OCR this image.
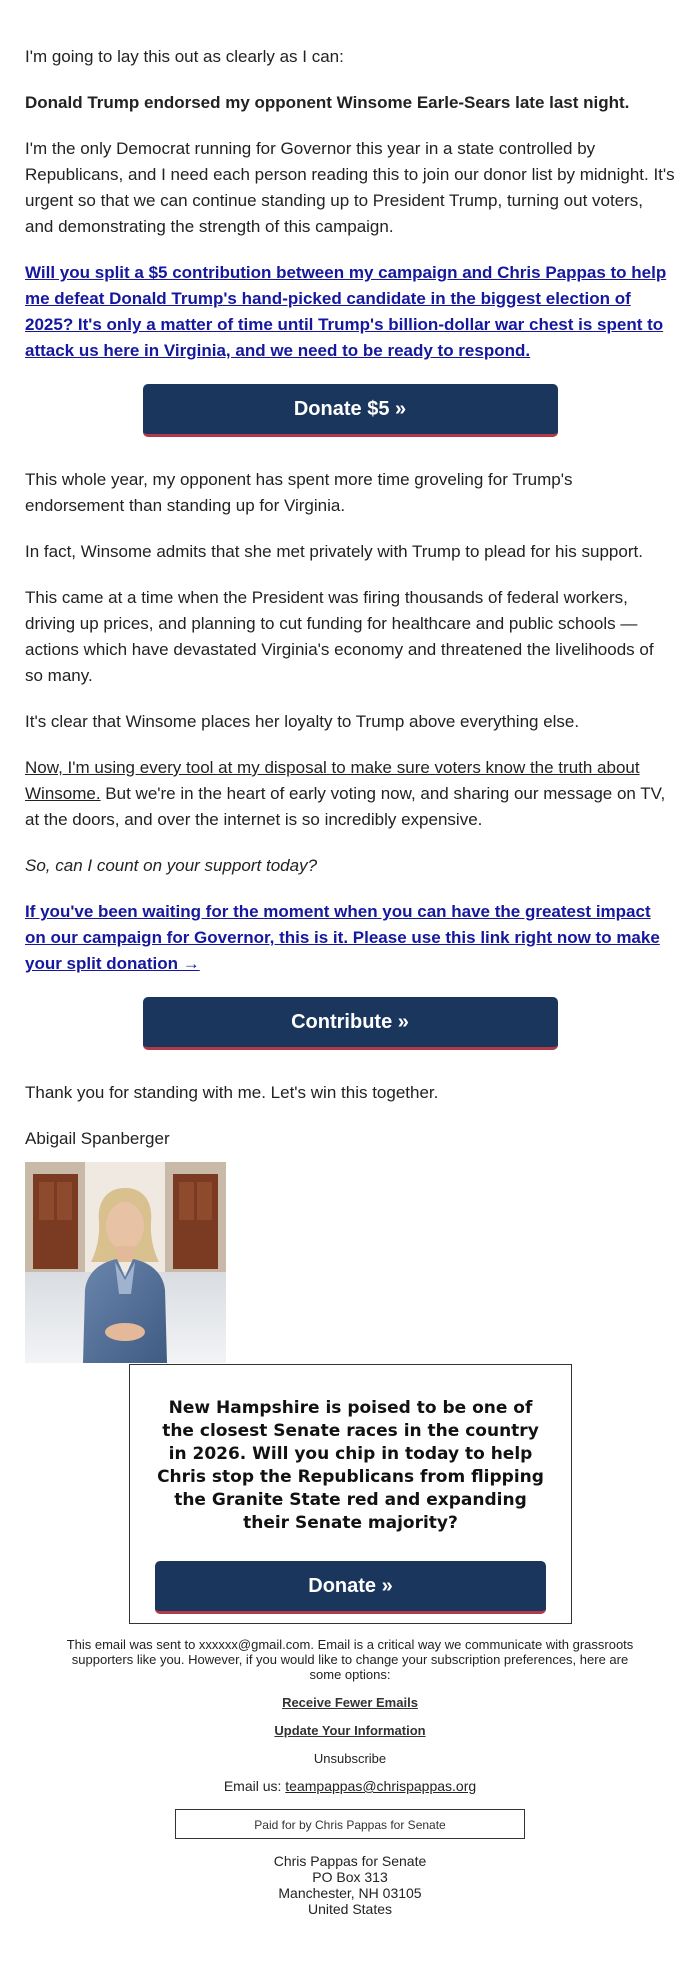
I'm going to lay this out as clearly as I can:

Donald Trump endorsed my opponent Winsome Earle-Sears late last night.

I'm the only Democrat running for Governor this year in a state controlled by Republicans, and I need each person reading this to join our donor list by midnight. It's urgent so that we can continue standing up to President Trump, turning out voters, and demonstrating the strength of this campaign.

Will you split a $5 contribution between my campaign and Chris Pappas to help me defeat Donald Trump's hand-picked candidate in the biggest election of 2025? It's only a matter of time until Trump's billion-dollar war chest is spent to attack us here in Virginia, and we need to be ready to respond.

Donate $5 »

This whole year, my opponent has spent more time groveling for Trump's endorsement than standing up for Virginia.

In fact, Winsome admits that she met privately with Trump to plead for his support.

This came at a time when the President was firing thousands of federal workers, driving up prices, and planning to cut funding for healthcare and public schools — actions which have devastated Virginia's economy and threatened the livelihoods of so many.

It's clear that Winsome places her loyalty to Trump above everything else.

Now, I'm using every tool at my disposal to make sure voters know the truth about Winsome. But we're in the heart of early voting now, and sharing our message on TV, at the doors, and over the internet is so incredibly expensive.

So, can I count on your support today?

If you've been waiting for the moment when you can have the greatest impact on our campaign for Governor, this is it. Please use this link right now to make your split donation →

Contribute »

Thank you for standing with me. Let's win this together.

Abigail Spanberger

New Hampshire is poised to be one of the closest Senate races in the country in 2026. Will you chip in today to help Chris stop the Republicans from flipping the Granite State red and expanding their Senate majority?
Donate »
This email was sent to xxxxxx@gmail.com. Email is a critical way we communicate with grassroots supporters like you. However, if you would like to change your subscription preferences, here are some options:
Receive Fewer Emails
Update Your Information
Unsubscribe
Email us: teampappas@chrispappas.org
Paid for by Chris Pappas for Senate
Chris Pappas for Senate
PO Box 313
Manchester, NH 03105
United States
